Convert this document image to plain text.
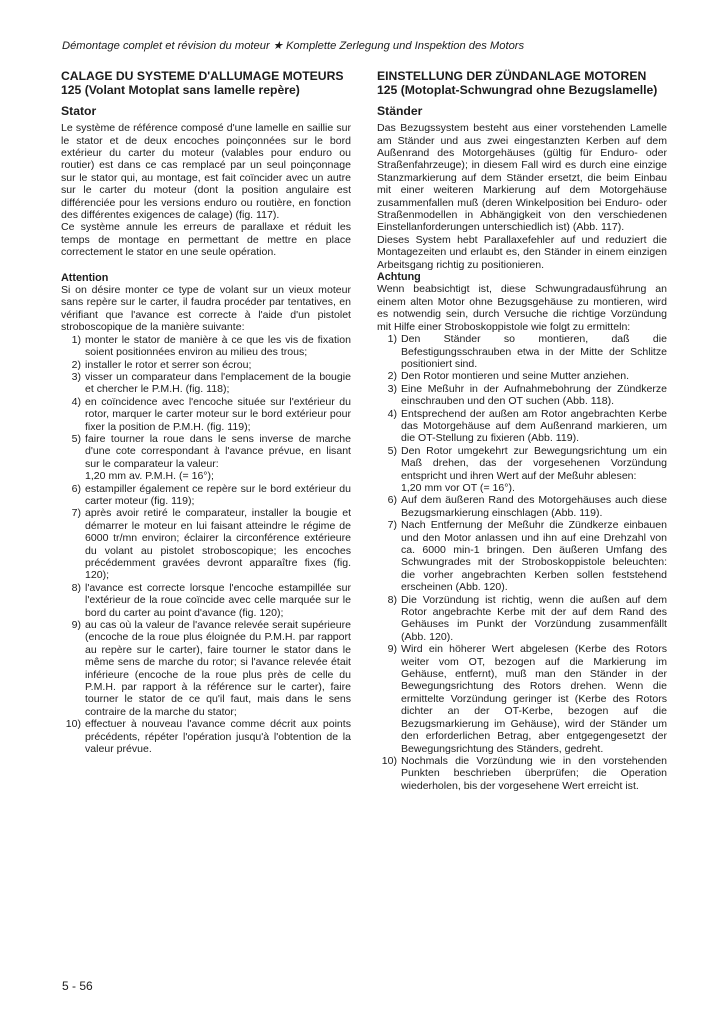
Démontage complet et révision du moteur ★ Komplette Zerlegung und Inspektion des Motors
CALAGE DU SYSTEME D'ALLUMAGE MOTEURS 125 (Volant Motoplat sans lamelle repère)
Stator

Le système de référence composé d'une lamelle en saillie sur le stator et de deux encoches poinçonnées sur le bord extérieur du carter du moteur (valables pour enduro ou routier) est dans ce cas remplacé par un seul poinçonnage sur le stator qui, au montage, est fait coïncider avec un autre sur le carter du moteur (dont la position angulaire est différenciée pour les versions enduro ou routière, en fonction des différentes exigences de calage) (fig. 117).

Ce système annule les erreurs de parallaxe et réduit les temps de montage en permettant de mettre en place correctement le stator en une seule opération.

Attention

Si on désire monter ce type de volant sur un vieux moteur sans repère sur le carter, il faudra procéder par tentatives, en vérifiant que l'avance est correcte à l'aide d'un pistolet stroboscopique de la manière suivante:

1) monter le stator de manière à ce que les vis de fixation soient positionnées environ au milieu des trous;
2) installer le rotor et serrer son écrou;
3) visser un comparateur dans l'emplacement de la bougie et chercher le P.M.H. (fig. 118);
4) en coïncidence avec l'encoche située sur l'extérieur du rotor, marquer le carter moteur sur le bord extérieur pour fixer la position de P.M.H. (fig. 119);
5) faire tourner la roue dans le sens inverse de marche d'une cote correspondant à l'avance prévue, en lisant sur le comparateur la valeur:
1,20 mm av. P.M.H. (= 16°);
6) estampiller également ce repère sur le bord extérieur du carter moteur (fig. 119);
7) après avoir retiré le comparateur, installer la bougie et démarrer le moteur en lui faisant atteindre le régime de 6000 tr/mn environ; éclairer la circonférence extérieure du volant au pistolet stroboscopique; les encoches précédemment gravées devront apparaître fixes (fig. 120);
8) l'avance est correcte lorsque l'encoche estampillée sur l'extérieur de la roue coïncide avec celle marquée sur le bord du carter au point d'avance (fig. 120);
9) au cas où la valeur de l'avance relevée serait supérieure (encoche de la roue plus éloignée du P.M.H. par rapport au repère sur le carter), faire tourner le stator dans le même sens de marche du rotor; si l'avance relevée était inférieure (encoche de la roue plus près de celle du P.M.H. par rapport à la référence sur le carter), faire tourner le stator de ce qu'il faut, mais dans le sens contraire de la marche du stator;
10) effectuer à nouveau l'avance comme décrit aux points précédents, répéter l'opération jusqu'à l'obtention de la valeur prévue.
EINSTELLUNG DER ZÜNDANLAGE MOTOREN 125 (Motoplat-Schwungrad ohne Bezugslamelle)
Ständer

Das Bezugssystem besteht aus einer vorstehenden Lamelle am Ständer und aus zwei eingestanzten Kerben auf dem Außenrand des Motorgehäuses (gültig für Enduro- oder Straßenfahrzeuge); in diesem Fall wird es durch eine einzige Stanzmarkierung auf dem Ständer ersetzt, die beim Einbau mit einer weiteren Markierung auf dem Motorgehäuse zusammenfallen muß (deren Winkelposition bei Enduro- oder Straßenmodellen in Abhängigkeit von den verschiedenen Einstellanforderungen unterschiedlich ist) (Abb. 117).

Dieses System hebt Parallaxefehler auf und reduziert die Montagezeiten und erlaubt es, den Ständer in einem einzigen Arbeitsgang richtig zu positionieren.

Achtung

Wenn beabsichtigt ist, diese Schwungradausführung an einem alten Motor ohne Bezugsgehäuse zu montieren, wird es notwendig sein, durch Versuche die richtige Vorzündung mit Hilfe einer Stroboskoppistole wie folgt zu ermitteln:

1) Den Ständer so montieren, daß die Befestigungsschrauben etwa in der Mitte der Schlitze positioniert sind.
2) Den Rotor montieren und seine Mutter anziehen.
3) Eine Meßuhr in der Aufnahmebohrung der Zündkerze einschrauben und den OT suchen (Abb. 118).
4) Entsprechend der außen am Rotor angebrachten Kerbe das Motorgehäuse auf dem Außenrand markieren, um die OT-Stellung zu fixieren (Abb. 119).
5) Den Rotor umgekehrt zur Bewegungsrichtung um ein Maß drehen, das der vorgesehenen Vorzündung entspricht und ihren Wert auf der Meßuhr ablesen:
1,20 mm vor OT (= 16°).
6) Auf dem äußeren Rand des Motorgehäuses auch diese Bezugsmarkierung einschlagen (Abb. 119).
7) Nach Entfernung der Meßuhr die Zündkerze einbauen und den Motor anlassen und ihn auf eine Drehzahl von ca. 6000 min-1 bringen. Den äußeren Umfang des Schwungrades mit der Stroboskoppistole beleuchten: die vorher angebrachten Kerben sollen feststehend erscheinen (Abb. 120).
8) Die Vorzündung ist richtig, wenn die außen auf dem Rotor angebrachte Kerbe mit der auf dem Rand des Gehäuses im Punkt der Vorzündung zusammenfällt (Abb. 120).
9) Wird ein höherer Wert abgelesen (Kerbe des Rotors weiter vom OT, bezogen auf die Markierung im Gehäuse, entfernt), muß man den Ständer in der Bewegungsrichtung des Rotors drehen. Wenn die ermittelte Vorzündung geringer ist (Kerbe des Rotors dichter an der OT-Kerbe, bezogen auf die Bezugsmarkierung im Gehäuse), wird der Ständer um den erforderlichen Betrag, aber entgegengesetzt der Bewegungsrichtung des Ständers, gedreht.
10) Nochmals die Vorzündung wie in den vorstehenden Punkten beschrieben überprüfen; die Operation wiederholen, bis der vorgesehene Wert erreicht ist.
5 - 56
